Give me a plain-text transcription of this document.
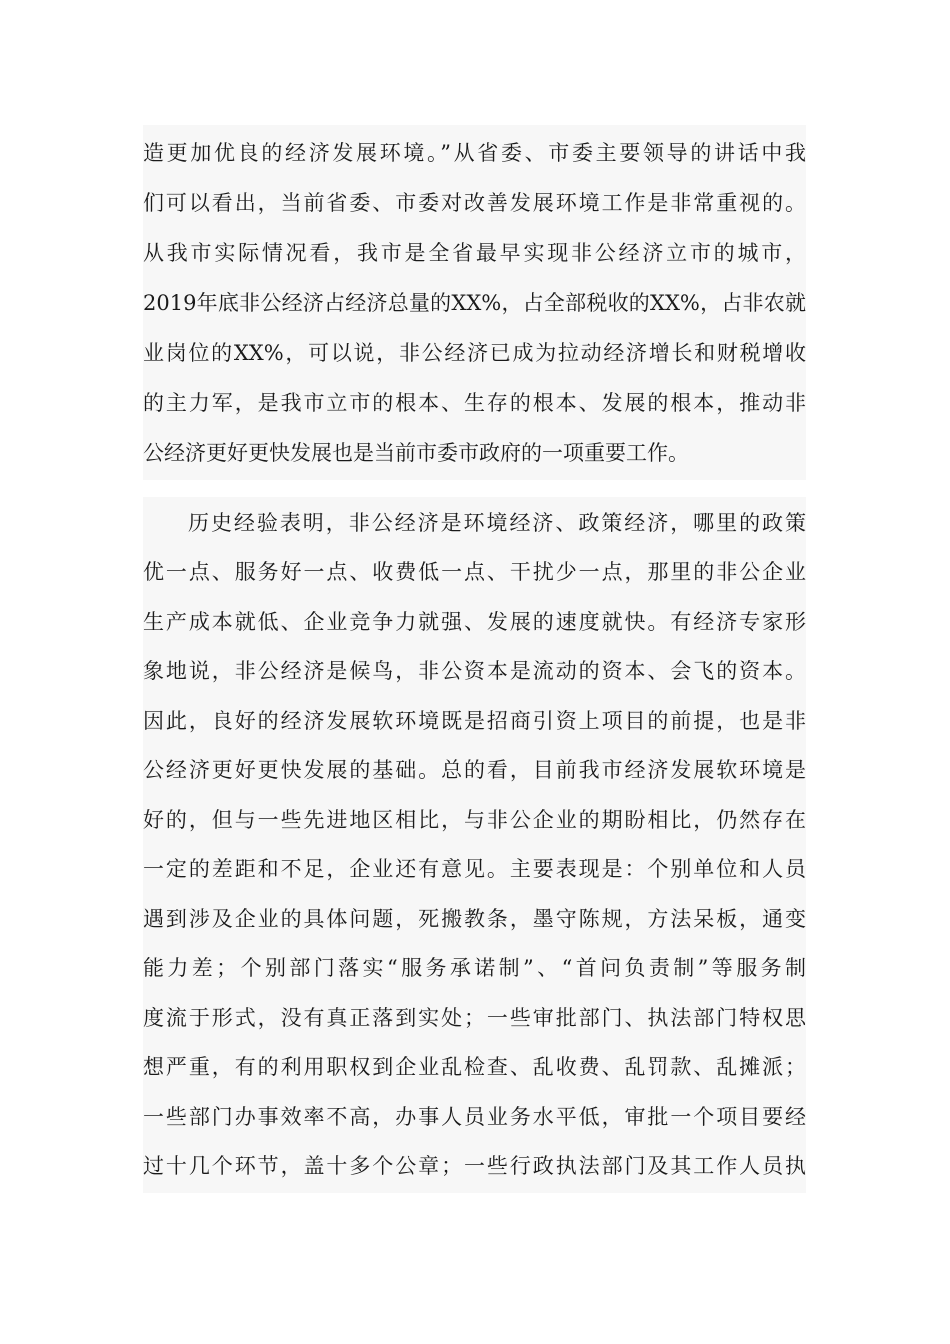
造更加优良的经济发展环境。”从省委、市委主要领导的讲话中我
们可以看出，当前省委、市委对改善发展环境工作是非常重视的。
从我市实际情况看，我市是全省最早实现非公经济立市的城市，
2019年底非公经济占经济总量的XX%，占全部税收的XX%，占非农就
业岗位的XX%，可以说，非公经济已成为拉动经济增长和财税增收
的主力军，是我市立市的根本、生存的根本、发展的根本，推动非
公经济更好更快发展也是当前市委市政府的一项重要工作。
历史经验表明，非公经济是环境经济、政策经济，哪里的政策
优一点、服务好一点、收费低一点、干扰少一点，那里的非公企业
生产成本就低、企业竞争力就强、发展的速度就快。有经济专家形
象地说，非公经济是候鸟，非公资本是流动的资本、会飞的资本。
因此，良好的经济发展软环境既是招商引资上项目的前提，也是非
公经济更好更快发展的基础。总的看，目前我市经济发展软环境是
好的，但与一些先进地区相比，与非公企业的期盼相比，仍然存在
一定的差距和不足，企业还有意见。主要表现是：个别单位和人员
遇到涉及企业的具体问题，死搬教条，墨守陈规，方法呆板，通变
能力差；个别部门落实“服务承诺制”、“首问负责制”等服务制
度流于形式，没有真正落到实处；一些审批部门、执法部门特权思
想严重，有的利用职权到企业乱检查、乱收费、乱罚款、乱摊派；
一些部门办事效率不高，办事人员业务水平低，审批一个项目要经
过十几个环节，盖十多个公章；一些行政执法部门及其工作人员执
